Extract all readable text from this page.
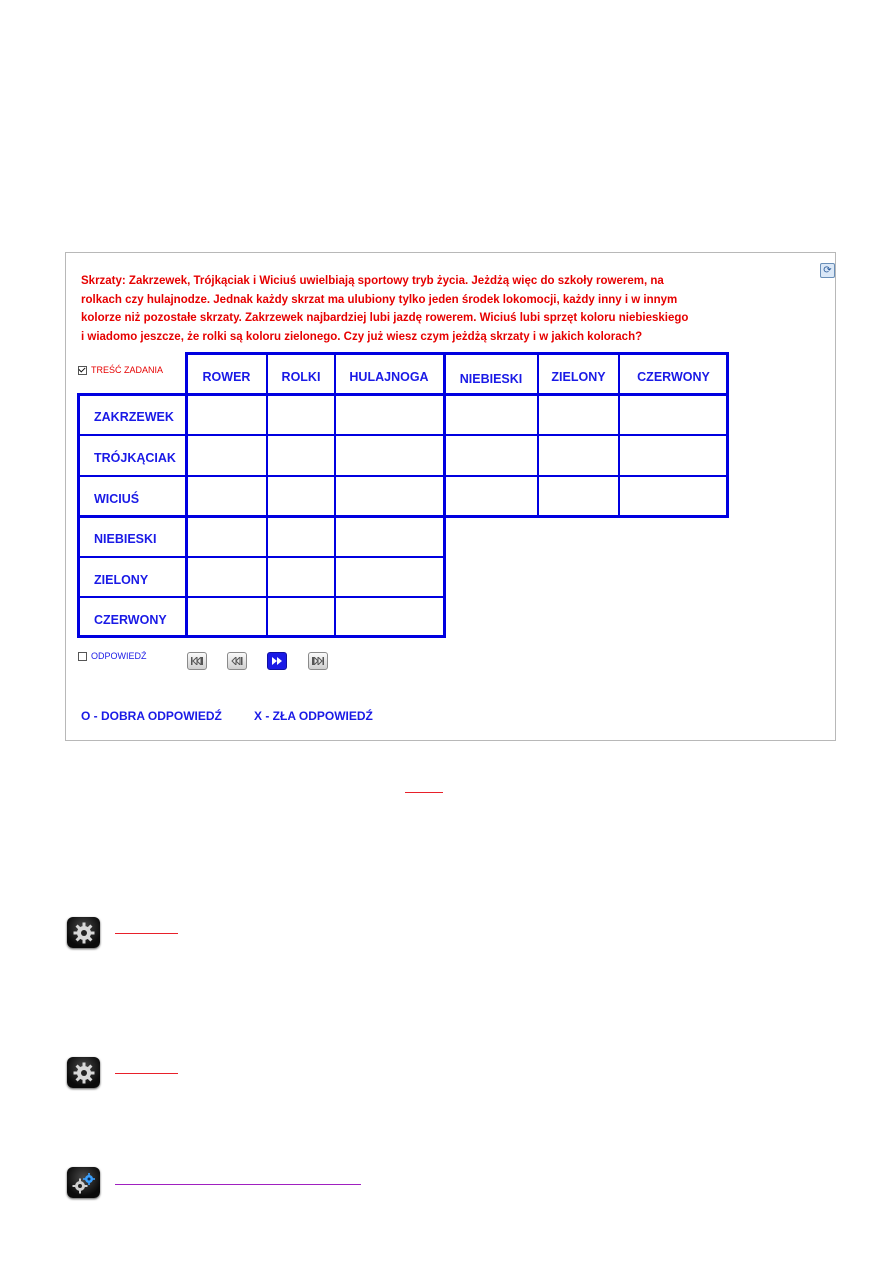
⟳
Skrzaty: Zakrzewek, Trójkąciak i Wiciuś uwielbiają sportowy tryb życia. Jeżdżą więc do szkoły rowerem, na
rolkach czy hulajnodze. Jednak każdy skrzat ma ulubiony tylko jeden środek lokomocji, każdy inny i w innym
kolorze niż pozostałe skrzaty. Zakrzewek najbardziej lubi jazdę rowerem. Wiciuś lubi sprzęt koloru niebieskiego
i wiadomo jeszcze, że rolki są koloru zielonego. Czy już wiesz czym jeżdżą skrzaty i w jakich kolorach?
TREŚĆ ZADANIA	ROWER	ROLKI	HULAJNOGA	NIEBIESKI	ZIELONY	CZERWONY
ZAKRZEWEK
TRÓJKĄCIAK
WICIUŚ
NIEBIESKI
ZIELONY
CZERWONY
ODPOWIEDŹ
O - DOBRA ODPOWIEDŹ	X - ZŁA ODPOWIEDŹ
